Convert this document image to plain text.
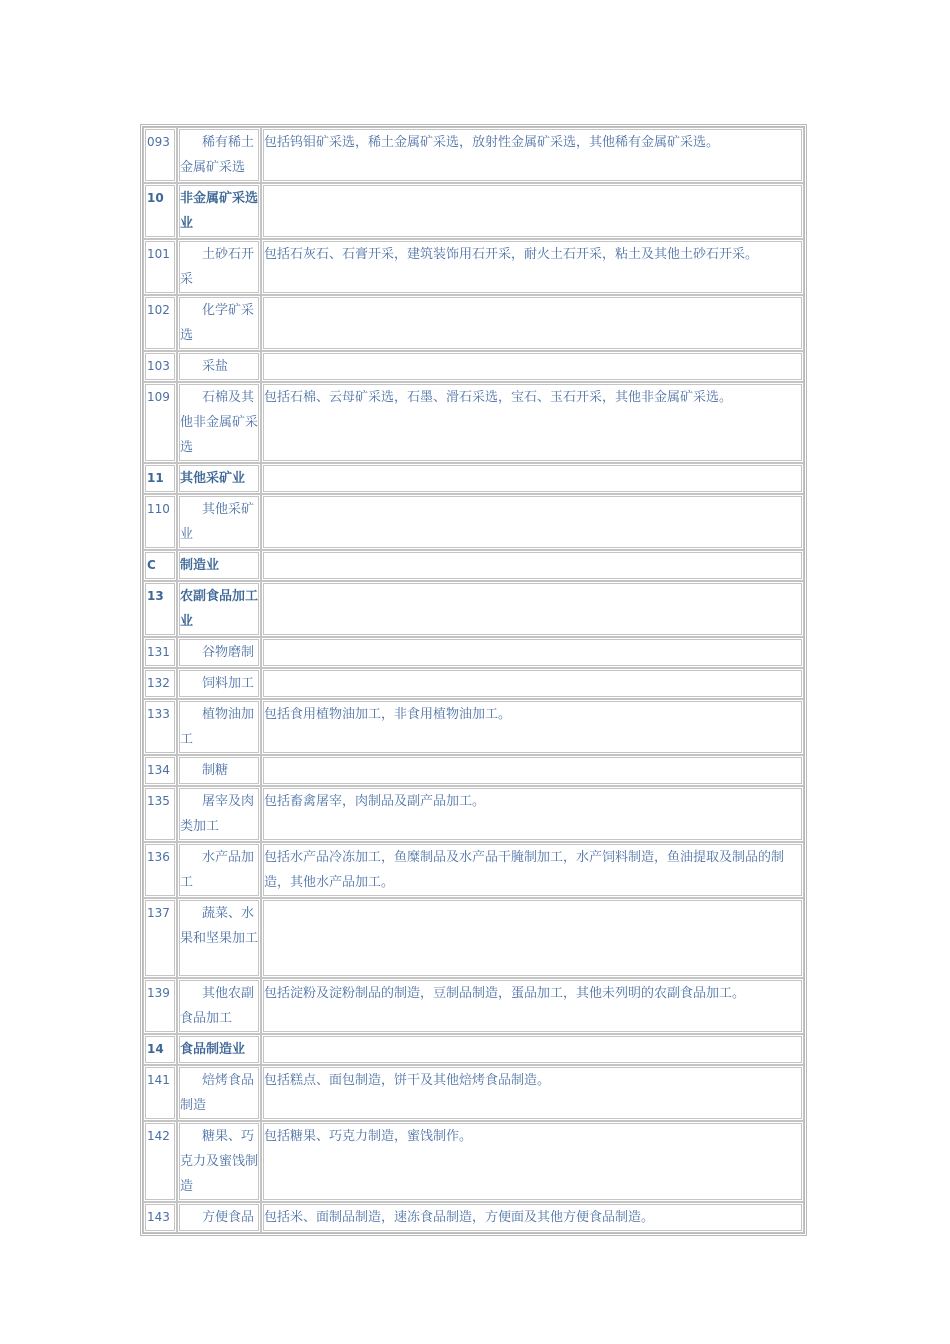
093	稀有稀土金属矿采选	包括钨钼矿采选，稀土金属矿采选，放射性金属矿采选，其他稀有金属矿采选。
10	非金属矿采选业	
101	土砂石开采	包括石灰石、石膏开采，建筑装饰用石开采，耐火土石开采，粘土及其他土砂石开采。
102	化学矿采选	
103	采盐	
109	石棉及其他非金属矿采选	包括石棉、云母矿采选，石墨、滑石采选，宝石、玉石开采，其他非金属矿采选。
11	其他采矿业	
110	其他采矿业	
C	制造业	
13	农副食品加工业	
131	谷物磨制	
132	饲料加工	
133	植物油加工	包括食用植物油加工，非食用植物油加工。
134	制糖	
135	屠宰及肉类加工	包括畜禽屠宰，肉制品及副产品加工。
136	水产品加工	包括水产品冷冻加工，鱼糜制品及水产品干腌制加工，水产饲料制造，鱼油提取及制品的制造，其他水产品加工。
137	蔬菜、水果和坚果加工	
139	其他农副食品加工	包括淀粉及淀粉制品的制造，豆制品制造，蛋品加工，其他未列明的农副食品加工。
14	食品制造业	
141	焙烤食品制造	包括糕点、面包制造，饼干及其他焙烤食品制造。
142	糖果、巧克力及蜜饯制造	包括糖果、巧克力制造，蜜饯制作。
143	方便食品	包括米、面制品制造，速冻食品制造，方便面及其他方便食品制造。
